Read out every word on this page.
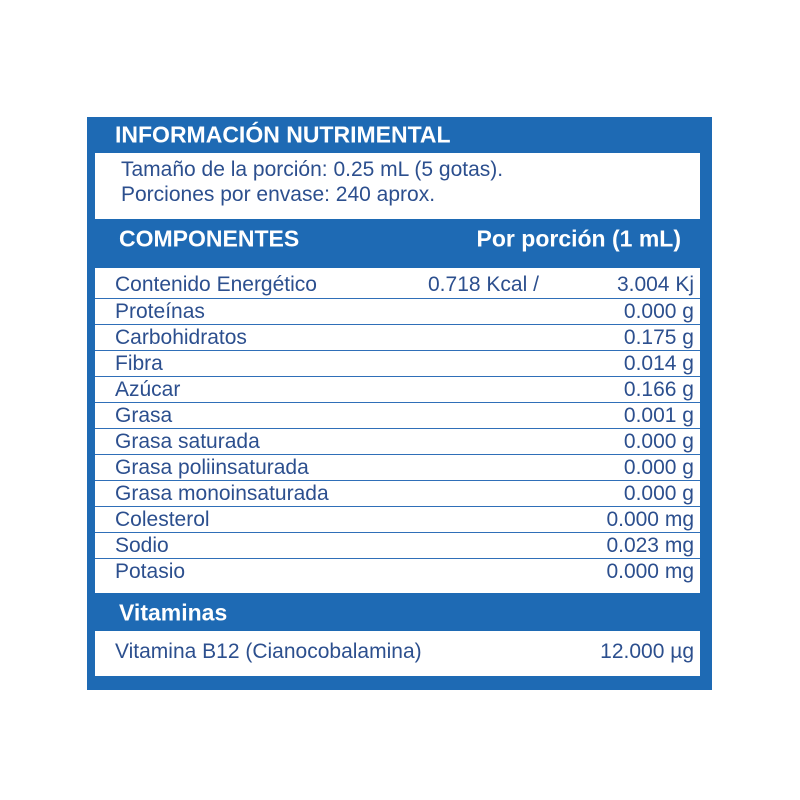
INFORMACIÓN NUTRIMENTAL
Tamaño de la porción: 0.25 mL (5 gotas).
Porciones por envase: 240 aprox.
COMPONENTES	Por porción (1 mL)
Contenido Energético	0.718 Kcal /	3.004 Kj
Proteínas	0.000 g
Carbohidratos	0.175 g
Fibra	0.014 g
Azúcar	0.166 g
Grasa	0.001 g
Grasa saturada	0.000 g
Grasa poliinsaturada	0.000 g
Grasa monoinsaturada	0.000 g
Colesterol	0.000 mg
Sodio	0.023 mg
Potasio	0.000 mg
Vitaminas
Vitamina B12 (Cianocobalamina)	12.000 µg
